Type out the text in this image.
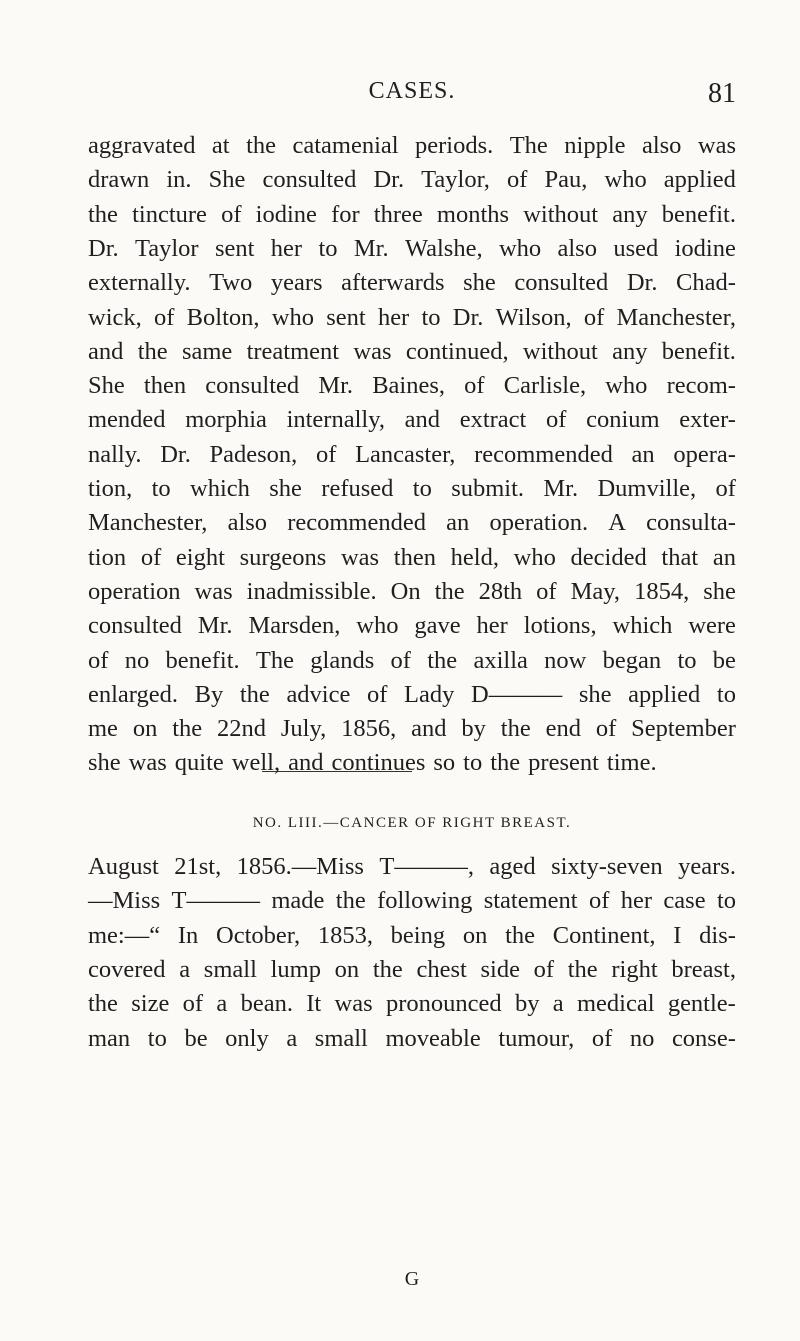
CASES.	81
aggravated at the catamenial periods. The nipple also was
drawn in. She consulted Dr. Taylor, of Pau, who applied
the tincture of iodine for three months without any benefit.
Dr. Taylor sent her to Mr. Walshe, who also used iodine
externally. Two years afterwards she consulted Dr. Chad-
wick, of Bolton, who sent her to Dr. Wilson, of Manchester,
and the same treatment was continued, without any benefit.
She then consulted Mr. Baines, of Carlisle, who recom-
mended morphia internally, and extract of conium exter-
nally. Dr. Padeson, of Lancaster, recommended an opera-
tion, to which she refused to submit. Mr. Dumville, of
Manchester, also recommended an operation. A consulta-
tion of eight surgeons was then held, who decided that an
operation was inadmissible. On the 28th of May, 1854, she
consulted Mr. Marsden, who gave her lotions, which were
of no benefit. The glands of the axilla now began to be
enlarged. By the advice of Lady D——— she applied to
me on the 22nd July, 1856, and by the end of September
she was quite well, and continues so to the present time.
NO. LIII.—CANCER OF RIGHT BREAST.
August 21st, 1856.—Miss T———, aged sixty-seven years.
—Miss T——— made the following statement of her case to
me:—“ In October, 1853, being on the Continent, I dis-
covered a small lump on the chest side of the right breast,
the size of a bean. It was pronounced by a medical gentle-
man to be only a small moveable tumour, of no conse-
G
